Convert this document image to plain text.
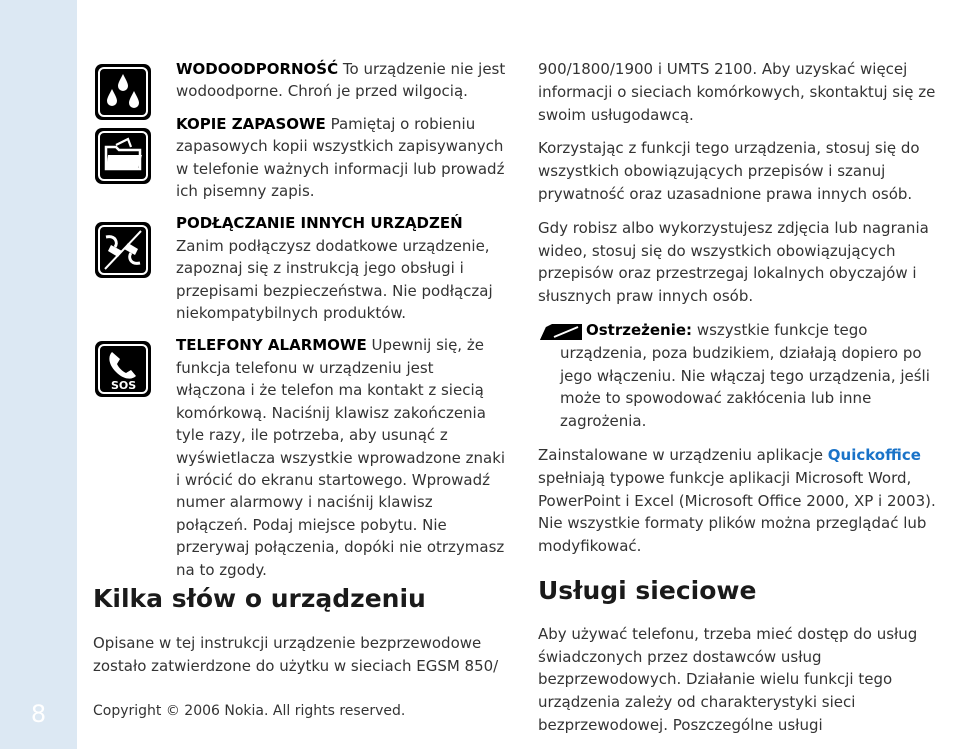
8
SOS

WODOODPORNOŚĆ To urządzenie nie jest wodoodporne. Chroń je przed wilgocią.

KOPIE ZAPASOWE Pamiętaj o robieniu zapasowych kopii wszystkich zapisywanych w telefonie ważnych informacji lub prowadź ich pisemny zapis.

PODŁĄCZANIE INNYCH URZĄDZEŃ Zanim podłączysz dodatkowe urządzenie, zapoznaj się z instrukcją jego obsługi i przepisami bezpieczeństwa. Nie podłączaj niekompatybilnych produktów.

TELEFONY ALARMOWE Upewnij się, że funkcja telefonu w urządzeniu jest włączona i że telefon ma kontakt z siecią komórkową. Naciśnij klawisz zakończenia tyle razy, ile potrzeba, aby usunąć z wyświetlacza wszystkie wprowadzone znaki i wrócić do ekranu startowego. Wprowadź numer alarmowy i naciśnij klawisz połączeń. Podaj miejsce pobytu. Nie przerywaj połączenia, dopóki nie otrzymasz na to zgody.

Kilka słów o urządzeniu

Opisane w tej instrukcji urządzenie bezprzewodowe zostało zatwierdzone do użytku w sieciach EGSM 850/

Copyright © 2006 Nokia. All rights reserved.

900/1800/1900 i UMTS 2100. Aby uzyskać więcej informacji o sieciach komórkowych, skontaktuj się ze swoim usługodawcą.

Korzystając z funkcji tego urządzenia, stosuj się do wszystkich obowiązujących przepisów i szanuj prywatność oraz uzasadnione prawa innych osób.

Gdy robisz albo wykorzystujesz zdjęcia lub nagrania wideo, stosuj się do wszystkich obowiązujących przepisów oraz przestrzegaj lokalnych obyczajów i słusznych praw innych osób.

Ostrzeżenie: wszystkie funkcje tego urządzenia, poza budzikiem, działają dopiero po jego włączeniu. Nie włączaj tego urządzenia, jeśli może to spowodować zakłócenia lub inne zagrożenia.

Zainstalowane w urządzeniu aplikacje Quickoffice spełniają typowe funkcje aplikacji Microsoft Word, PowerPoint i Excel (Microsoft Office 2000, XP i 2003). Nie wszystkie formaty plików można przeglądać lub modyfikować.

Usługi sieciowe

Aby używać telefonu, trzeba mieć dostęp do usług świadczonych przez dostawców usług bezprzewodowych. Działanie wielu funkcji tego urządzenia zależy od charakterystyki sieci bezprzewodowej. Poszczególne usługi
